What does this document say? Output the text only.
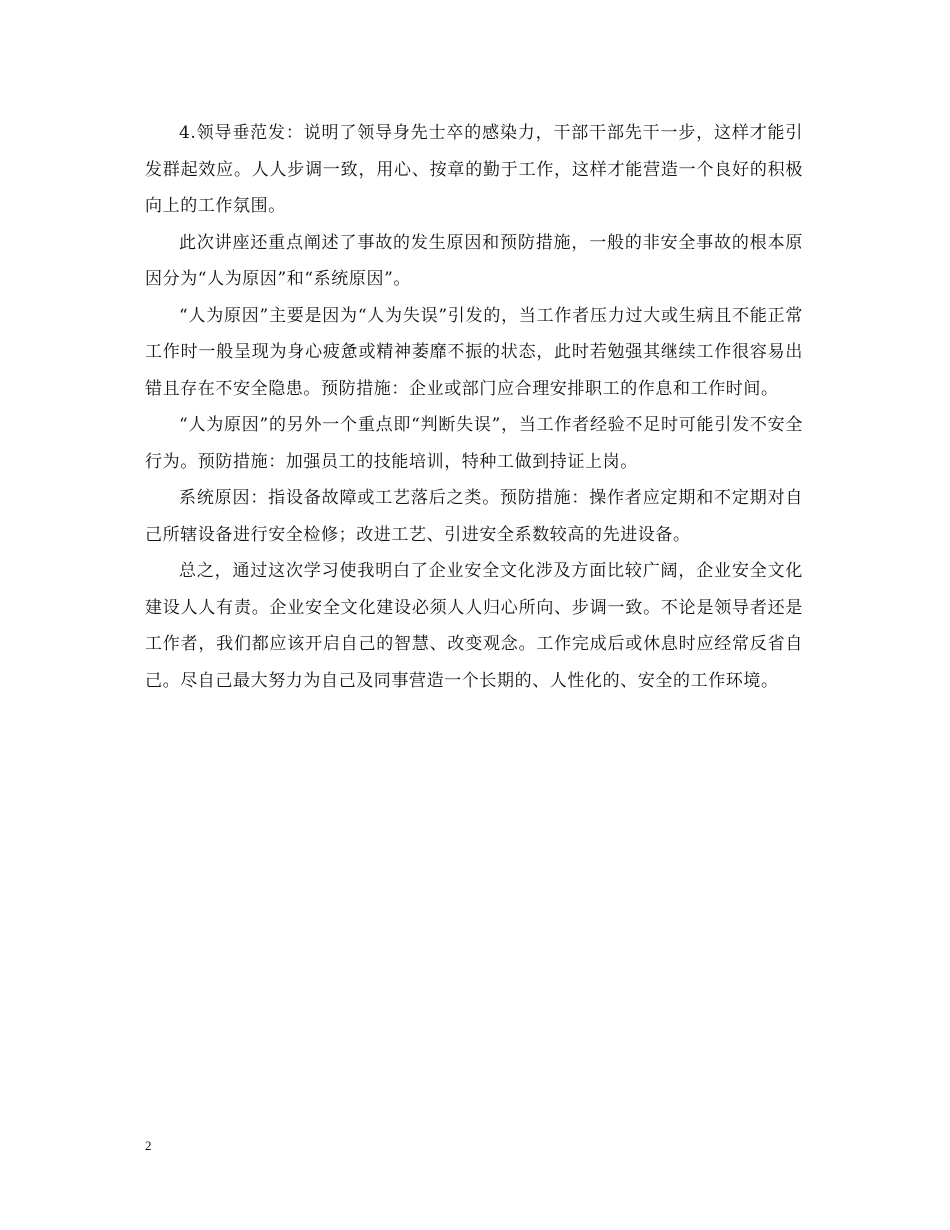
4.领导垂范发：说明了领导身先士卒的感染力，干部干部先干一步，这样才能引发群起效应。人人步调一致，用心、按章的勤于工作，这样才能营造一个良好的积极向上的工作氛围。

此次讲座还重点阐述了事故的发生原因和预防措施，一般的非安全事故的根本原因分为“人为原因”和“系统原因”。

“人为原因”主要是因为“人为失误”引发的，当工作者压力过大或生病且不能正常工作时一般呈现为身心疲惫或精神萎靡不振的状态，此时若勉强其继续工作很容易出错且存在不安全隐患。预防措施：企业或部门应合理安排职工的作息和工作时间。

“人为原因”的另外一个重点即“判断失误”，当工作者经验不足时可能引发不安全行为。预防措施：加强员工的技能培训，特种工做到持证上岗。

系统原因：指设备故障或工艺落后之类。预防措施：操作者应定期和不定期对自己所辖设备进行安全检修；改进工艺、引进安全系数较高的先进设备。

总之，通过这次学习使我明白了企业安全文化涉及方面比较广阔，企业安全文化建设人人有责。企业安全文化建设必须人人归心所向、步调一致。不论是领导者还是工作者，我们都应该开启自己的智慧、改变观念。工作完成后或休息时应经常反省自己。尽自己最大努力为自己及同事营造一个长期的、人性化的、安全的工作环境。

2
